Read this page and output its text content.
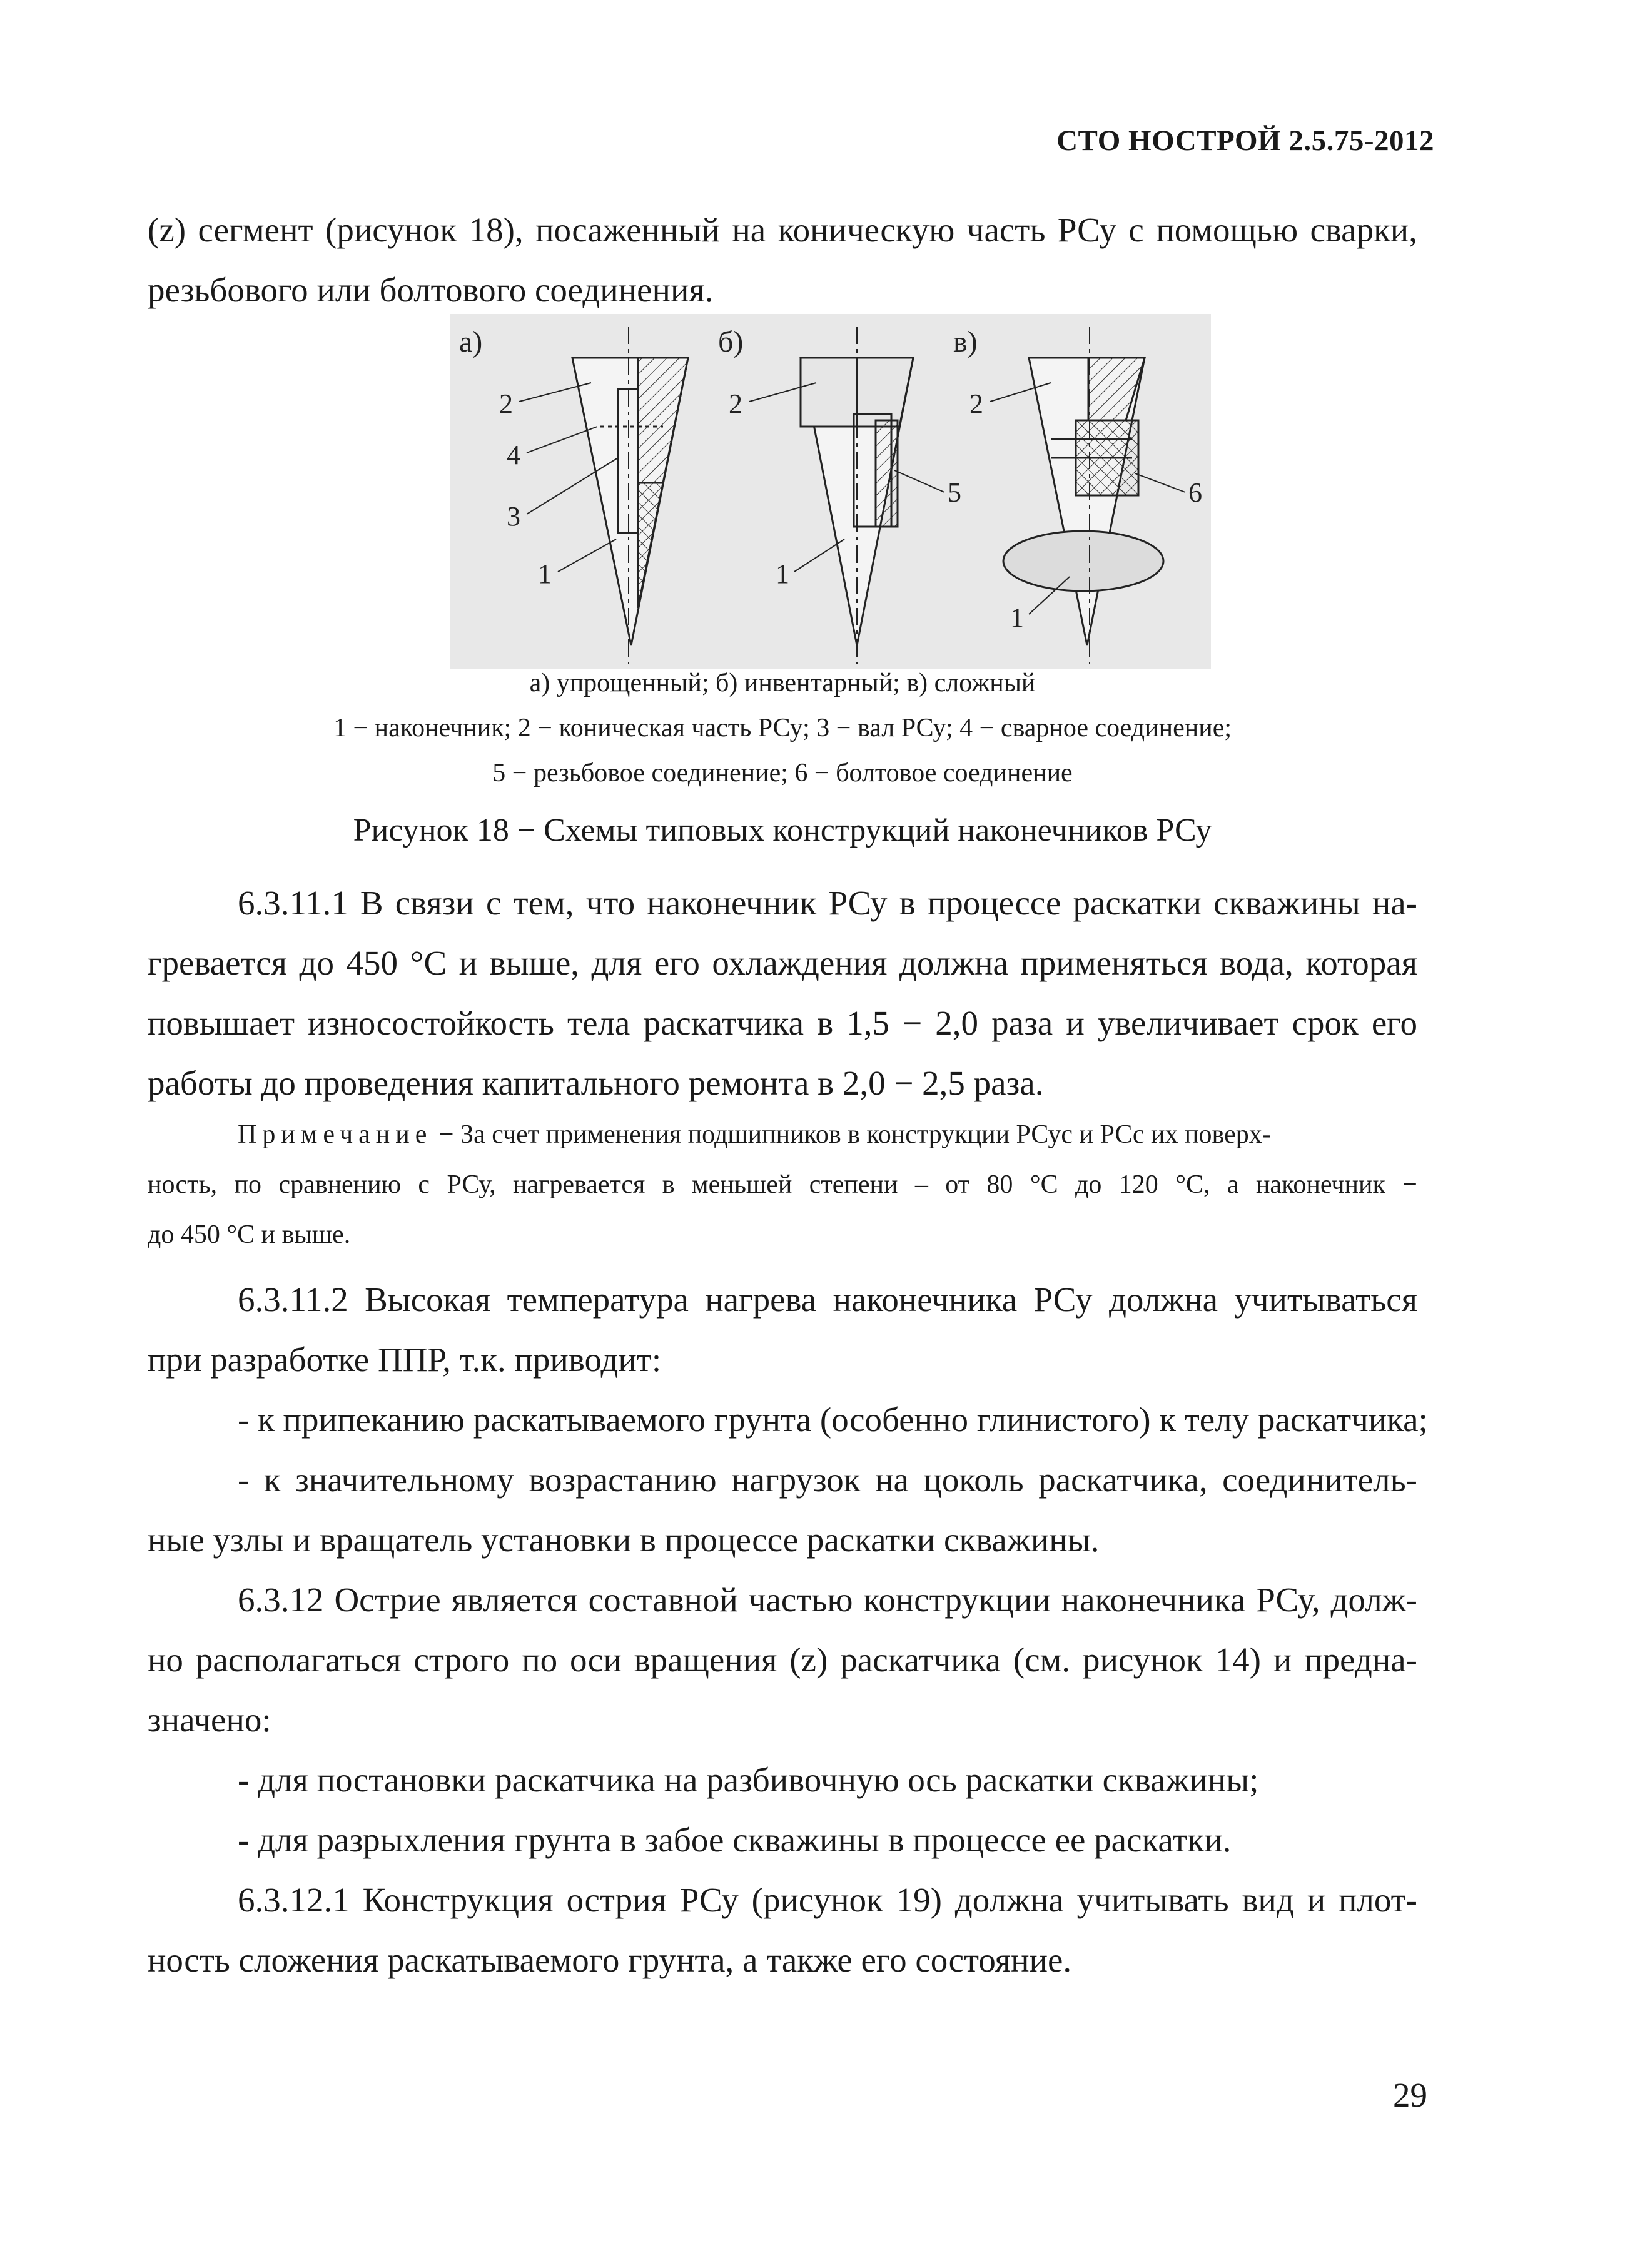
СТО НОСТРОЙ 2.5.75-2012
(z) сегмент (рисунок 18), посаженный на коническую часть РСу с помощью сварки,
резьбового или болтового соединения.
а)	б)	в)
2
4
3
1
2
5
1
2
6
1
а) упрощенный; б) инвентарный; в) сложный
1 − наконечник; 2 − коническая часть РСу; 3 − вал РСу; 4 − сварное соединение;
5 − резьбовое соединение; 6 − болтовое соединение
Рисунок 18 − Схемы типовых конструкций наконечников РСу
6.3.11.1 В связи с тем, что наконечник РСу в процессе раскатки скважины на-
гревается до 450 °С и выше, для его охлаждения должна применяться вода, которая
повышает износостойкость тела раскатчика в 1,5 − 2,0 раза и увеличивает срок его
работы до проведения капитального ремонта в 2,0 − 2,5 раза.
Примечание − За счет применения подшипников в конструкции РСус и РСс их поверх-
ность, по сравнению с РСу, нагревается в меньшей степени – от 80 °С до 120 °С, а наконечник −
до 450 °С и выше.
6.3.11.2 Высокая температура нагрева наконечника РСу должна учитываться
при разработке ППР, т.к. приводит:
- к припеканию раскатываемого грунта (особенно глинистого) к телу раскатчика;
- к значительному возрастанию нагрузок на цоколь раскатчика, соединитель-
ные узлы и вращатель установки в процессе раскатки скважины.
6.3.12 Острие является составной частью конструкции наконечника РСу, долж-
но располагаться строго по оси вращения (z) раскатчика (см. рисунок 14) и предна-
значено:
- для постановки раскатчика на разбивочную ось раскатки скважины;
- для разрыхления грунта в забое скважины в процессе ее раскатки.
6.3.12.1 Конструкция острия РСу (рисунок 19) должна учитывать вид и плот-
ность сложения раскатываемого грунта, а также его состояние.
29
